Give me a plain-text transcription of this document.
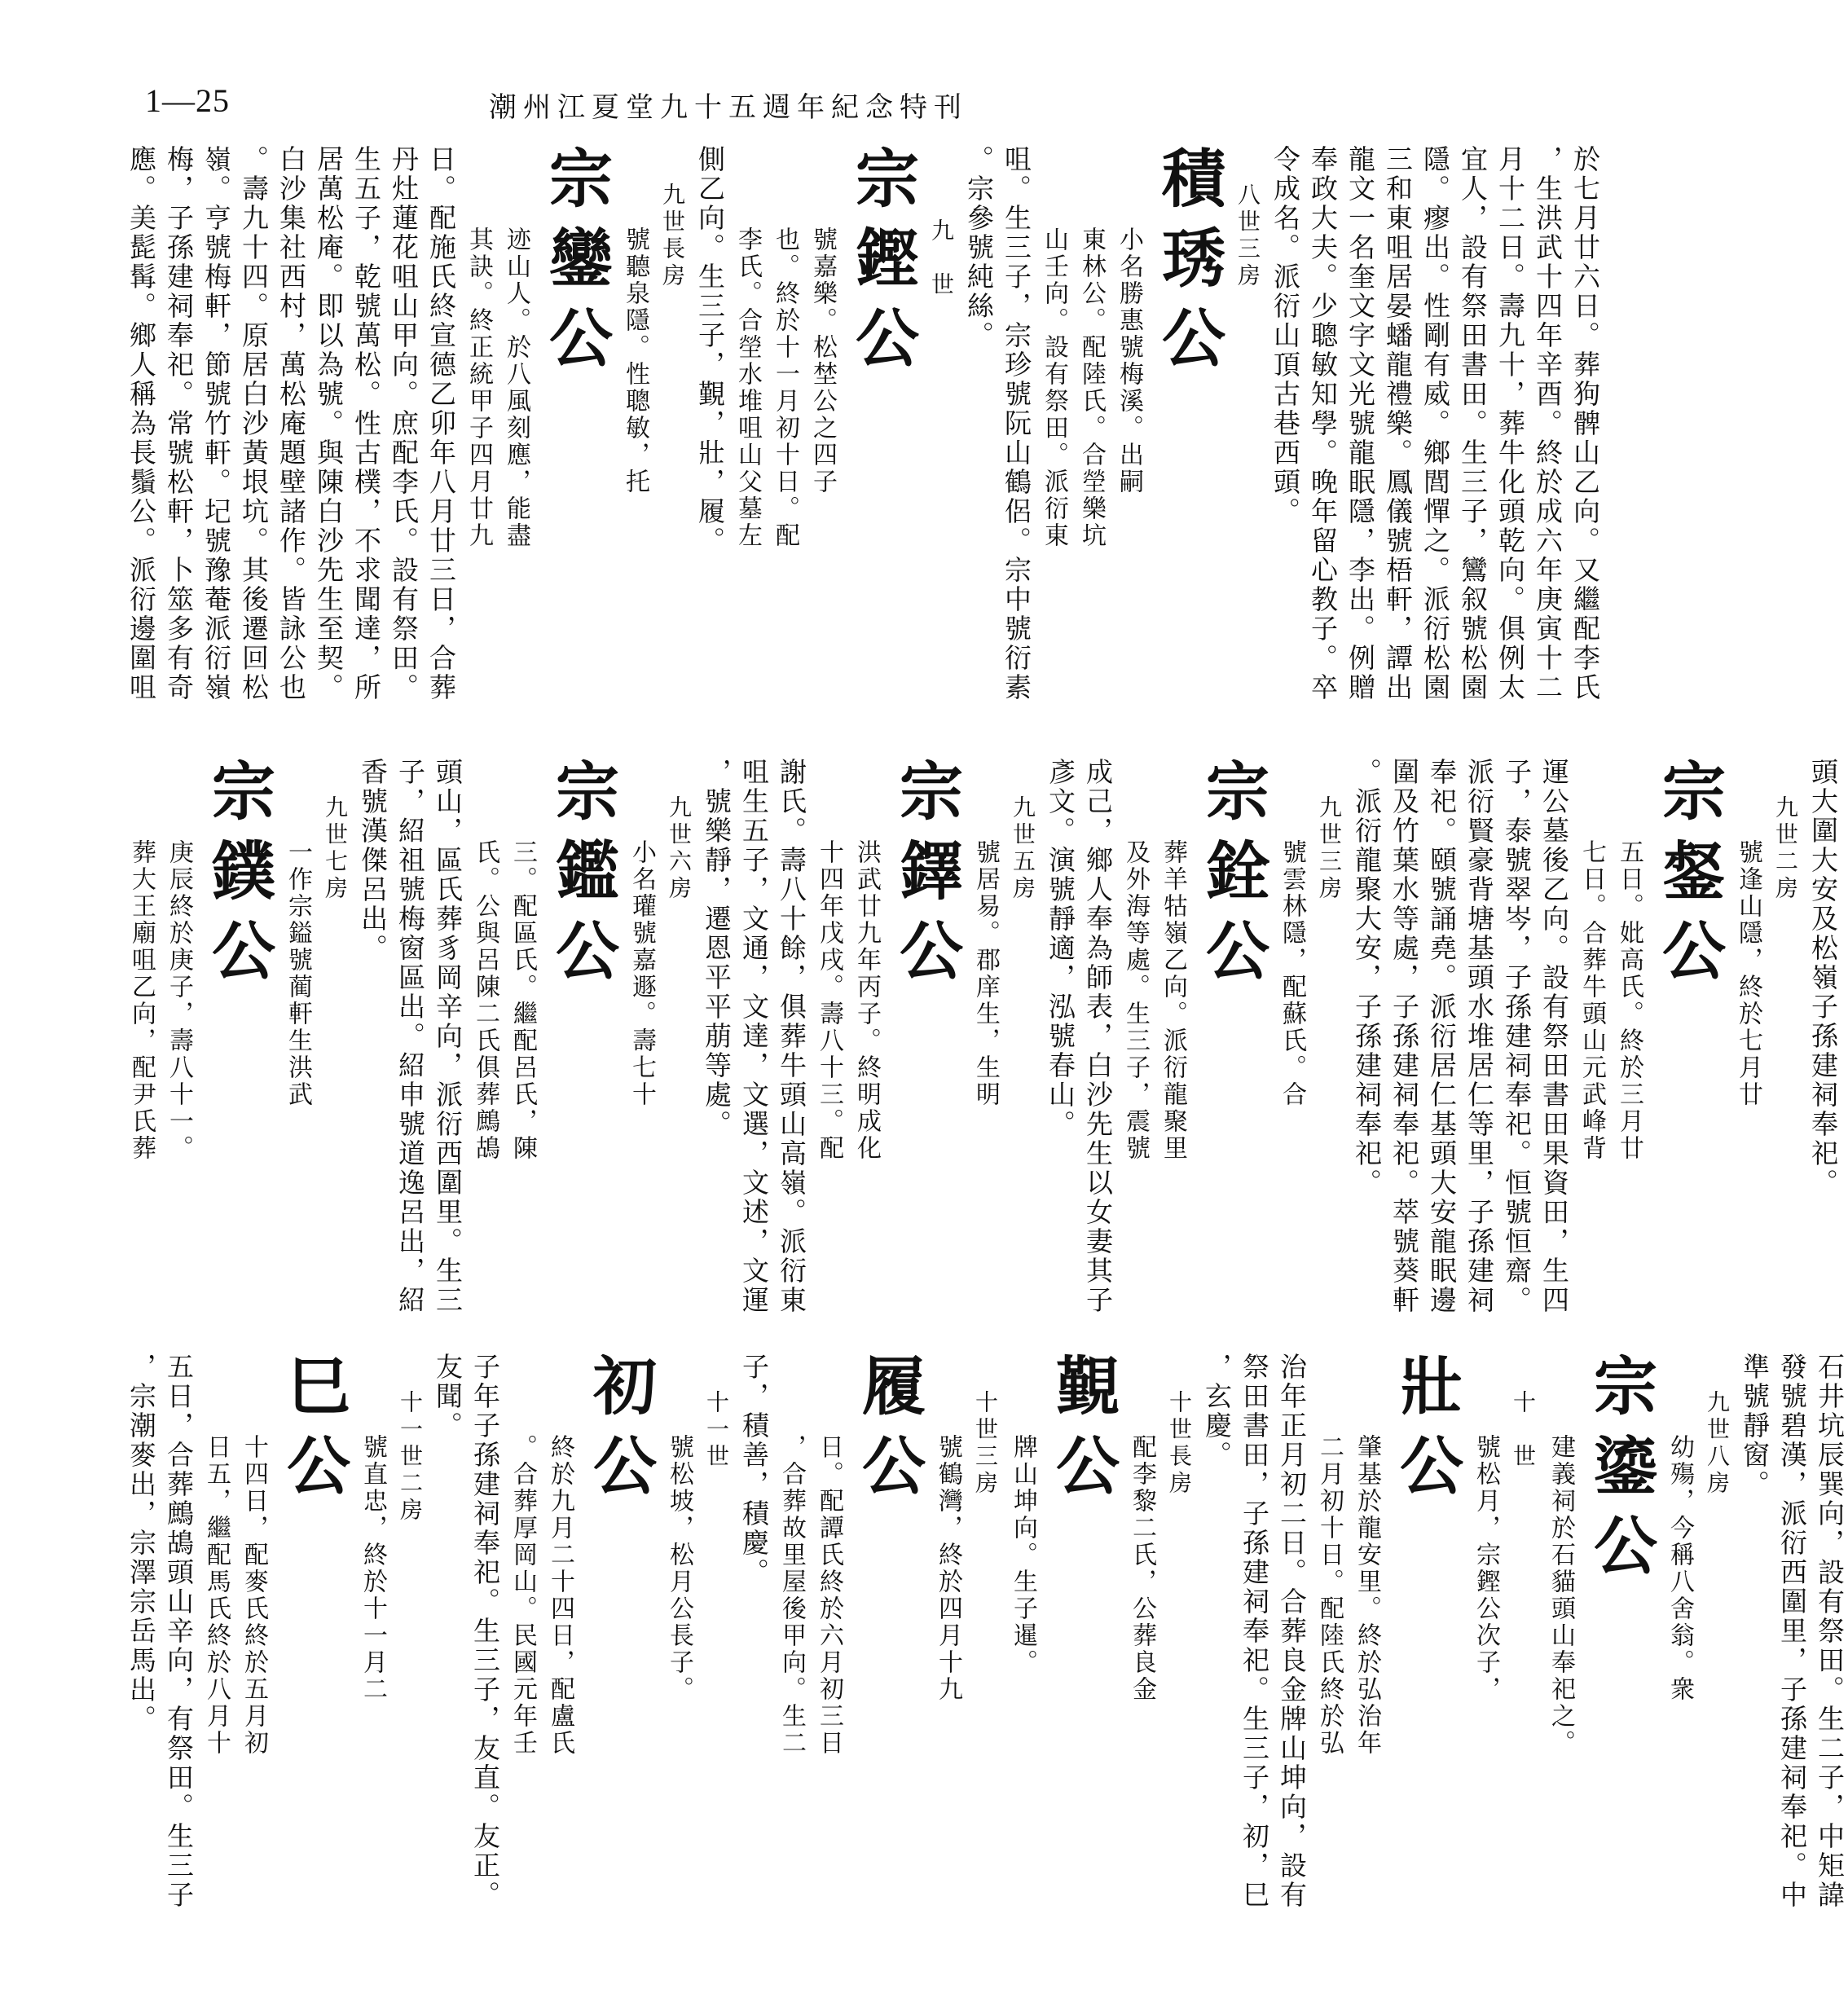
1—25	潮州江夏堂九十五週年紀念特刊
於七月廿六日。葬狗髀山乙向。又繼配李氏
，生洪武十四年辛酉。終於成六年庚寅十二
月十二日。壽九十，葬牛化頭乾向。俱例太
宜人，設有祭田書田。生三子，鸞叙號松園
隱。瘳出。性剛有威。鄉閭憚之。派衍松園
三和東咀居晏蟠龍禮樂。鳳儀號梧軒，譚出
龍文一名奎文字文光號龍眠隱，李出。例贈
奉政大夫。少聰敏知學。晚年留心教子。卒
令成名。派衍山頂古巷西頭。
八世三房
積琇公
小名勝惠號梅溪。出嗣
東林公。配陸氏。合塋樂坑
山壬向。設有祭田。派衍東
咀。生三子，宗珍號阮山鶴侶。宗中號衍素
。宗參號純絲。
九　世
宗鏗公
號嘉樂。松埜公之四子
也。終於十一月初十日。配
李氏。合塋水堆咀山父墓左
側乙向。生三子，覲，壯，履。
九世長房
號聽泉隱。性聰敏，托
宗鑾公
迹山人。於八風刻應，能盡
其訣。終正統甲子四月廿九
日。配施氏終宣德乙卯年八月廿三日，合葬
丹灶蓮花咀山甲向。庶配李氏。設有祭田。
生五子，乾號萬松。性古樸，不求聞達，所
居萬松庵。即以為號。與陳白沙先生至契。
白沙集社西村，萬松庵題壁諸作。皆詠公也
。壽九十四。原居白沙黃垠坑。其後遷回松
嶺。亨號梅軒，節號竹軒。圮號豫菴派衍嶺
梅，子孫建祠奉祀。常號松軒，卜筮多有奇
應。美髭髯。鄉人稱為長鬚公。派衍邊圍咀
頭大圍大安及松嶺子孫建祠奉祀。
九世二房
號逢山隱，終於七月廿
宗錖公
五日。妣高氏。終於三月廿
七日。合葬牛頭山元武峰背
運公墓後乙向。設有祭田書田果資田，生四
子，泰號翠岑，子孫建祠奉祀。恒號恒齋。
派衍賢豪背塘基頭水堆居仁等里，子孫建祠
奉祀。頤號誦堯。派衍居仁基頭大安龍眠邊
圍及竹葉水等處，子孫建祠奉祀。萃號葵軒
。派衍龍聚大安，子孫建祠奉祀。
九世三房
號雲林隱，配蘇氏。合
宗銓公
葬羊牯嶺乙向。派衍龍聚里
及外海等處。生三子，震號
成己，鄉人奉為師表，白沙先生以女妻其子
彥文。演號靜適，泓號春山。
九世五房
號居易。郡庠生，生明
宗鐸公
洪武廿九年丙子。終明成化
十四年戊戌。壽八十三。配
謝氏。壽八十餘，俱葬牛頭山高嶺。派衍東
咀生五子，文通，文達，文選，文述，文運
，號樂靜，遷恩平平萠等處。
九世六房
小名瓘號嘉遯。壽七十
宗鑑公
三。配區氏。繼配呂氏，陳
氏。公與呂陳二氏俱葬鷓鴣
頭山，區氏葬豸岡辛向，派衍西圍里。生三
子，紹祖號梅窗區出。紹申號道逸呂出，紹
香號漢傑呂出。
九世七房
一作宗鎰號蔺軒生洪武
宗鏷公
庚辰終於庚子，壽八十一。
葬大王廟咀乙向，配尹氏葬
石井坑辰巽向，設有祭田。生二子，中矩諱
發號碧漢，派衍西圍里，子孫建祠奉祀。中
準號靜窗。
九世八房
幼殤，今稱八舍翁。衆
宗鎏公
建義祠於石貓頭山奉祀之。
十　世
號松月，宗鏗公次子，
壯公
肇基於龍安里。終於弘治年
二月初十日。配陸氏終於弘
治年正月初二日。合葬良金牌山坤向，設有
祭田書田，子孫建祠奉祀。生三子，初，巳
，玄慶。
十世長房
配李黎二氏，公葬良金
覲公
牌山坤向。生子暹。
十世三房
號鶴灣，終於四月十九
履公
日。配譚氏終於六月初三日
，合葬故里屋後甲向。生二
子，積善，積慶。
十一世
號松坡，松月公長子。
初公
終於九月二十四日，配盧氏
。合葬厚岡山。民國元年壬
子年子孫建祠奉祀。生三子，友直。友正。
友聞。
十一世二房
號直忠，終於十一月二
巳公
十四日，配麥氏終於五月初
日五，繼配馬氏終於八月十
五日，合葬鷓鴣頭山辛向，有祭田。生三子
，宗潮麥出，宗澤宗岳馬出。
